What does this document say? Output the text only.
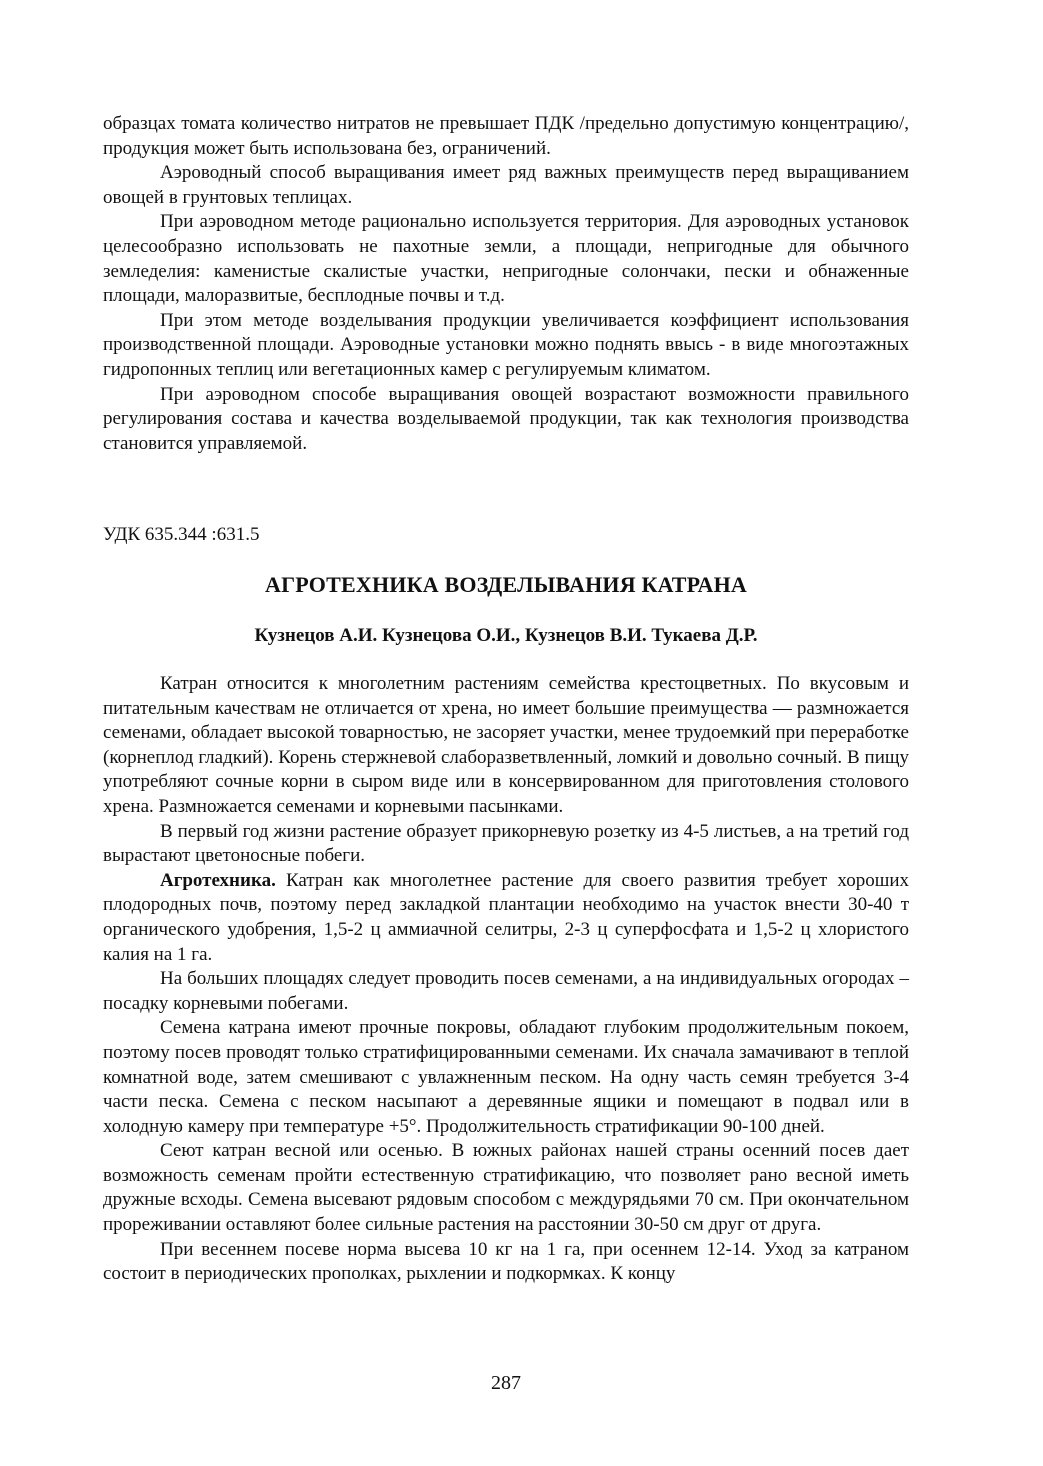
образцах томата количество нитратов не превышает ПДК /предельно допустимую концентрацию/, продукция может быть использована без, ограничений.

Аэроводный способ выращивания имеет ряд важных преимуществ перед выращиванием овощей в грунтовых теплицах.

При аэроводном методе рационально используется территория. Для аэроводных установок целесообразно использовать не пахотные земли, а площади, непригодные для обычного земледелия: каменистые скалистые участки, непригодные солончаки, пески и обнаженные площади, малоразвитые, бесплодные почвы и т.д.

При этом методе возделывания продукции увеличивается коэффициент использования производственной площади. Аэроводные установки можно поднять ввысь - в виде многоэтажных гидропонных теплиц или вегетационных камер с регулируемым климатом.

При аэроводном способе выращивания овощей возрастают возможности правильного регулирования состава и качества возделываемой продукции, так как технология производства становится управляемой.

УДК 635.344 :631.5
АГРОТЕХНИКА ВОЗДЕЛЫВАНИЯ КАТРАНА
Кузнецов А.И. Кузнецова О.И., Кузнецов В.И. Тукаева Д.Р.

Катран относится к многолетним растениям семейства крестоцветных. По вкусовым и питательным качествам не отличается от хрена, но имеет большие преимущества — размножается семенами, обладает высокой товарностью, не засоряет участки, менее трудоемкий при переработке (корнеплод гладкий). Корень стержневой слаборазветвленный, ломкий и довольно сочный. В пищу употребляют сочные корни в сыром виде или в консервированном для приготовления столового хрена. Размножается семенами и корневыми пасынками.

В первый год жизни растение образует прикорневую розетку из 4-5 листьев, а на третий год вырастают цветоносные побеги.

Агротехника. Катран как многолетнее растение для своего развития требует хороших плодородных почв, поэтому перед закладкой плантации необходимо на участок внести 30-40 т органического удобрения, 1,5-2 ц аммиачной селитры, 2-3 ц суперфосфата и 1,5-2 ц хлористого калия на 1 га.

На больших площадях следует проводить посев семенами, а на индивидуальных огородах – посадку корневыми побегами.

Семена катрана имеют прочные покровы, обладают глубоким продолжительным покоем, поэтому посев проводят только стратифицированными семенами. Их сначала замачивают в теплой комнатной воде, затем смешивают с увлажненным песком. На одну часть семян требуется 3-4 части песка. Семена с песком насыпают а деревянные ящики и помещают в подвал или в холодную камеру при температуре +5°. Продолжительность стратификации 90-100 дней.

Сеют катран весной или осенью. В южных районах нашей страны осенний посев дает возможность семенам пройти естественную стратификацию, что позволяет рано весной иметь дружные всходы. Семена высевают рядовым способом с междурядьями 70 см. При окончательном прореживании оставляют более сильные растения на расстоянии 30-50 см друг от друга.

При весеннем посеве норма высева 10 кг на 1 га, при осеннем 12-14. Уход за катраном состоит в периодических прополках, рыхлении и подкормках. К концу

287
